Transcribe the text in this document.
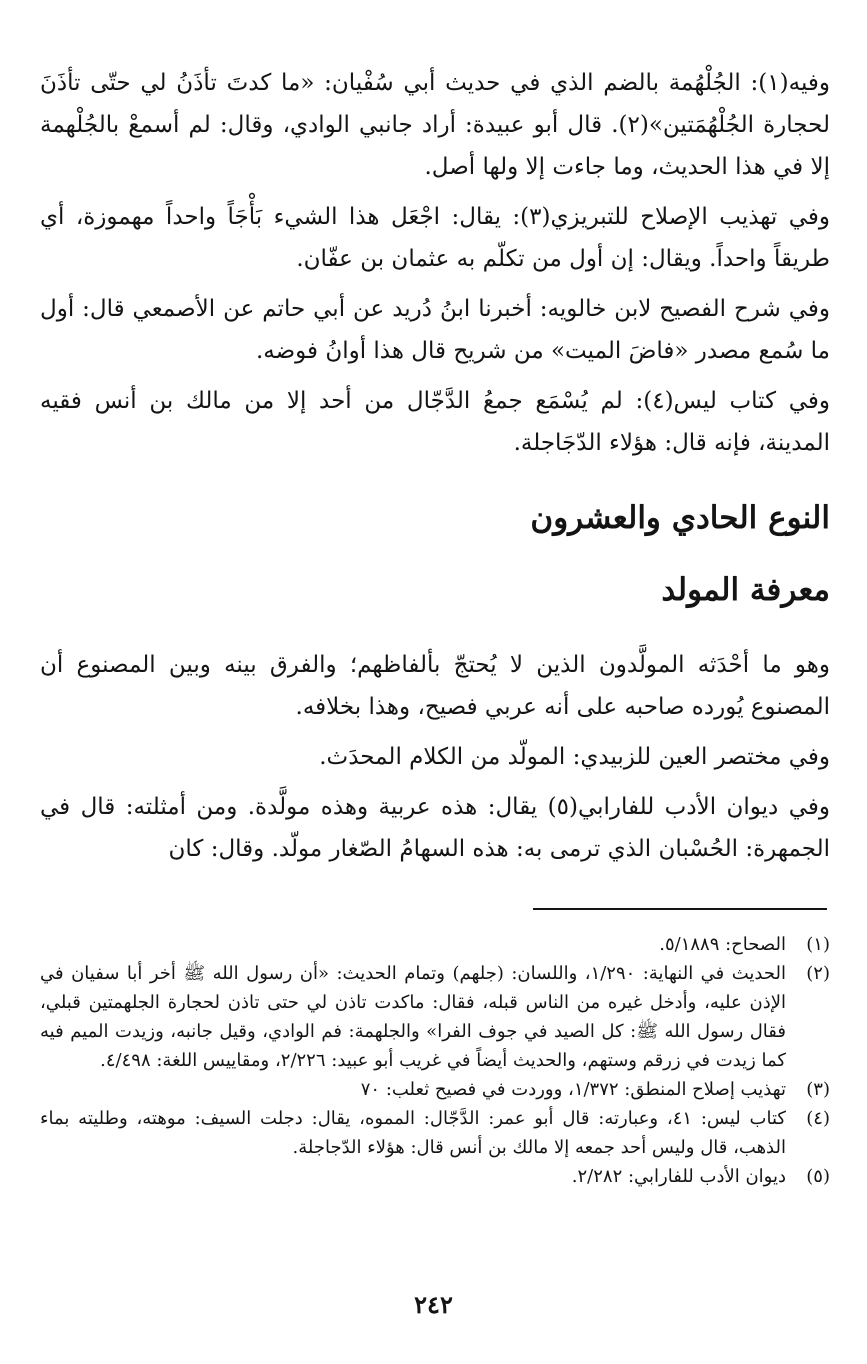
وفيه(١): الجُلْهُمة بالضم الذي في حديث أبي سُفْيان: «ما كدتَ تأذَنُ لي حتّى تأذَنَ لحجارة الجُلْهُمَتين»(٢). قال أبو عبيدة: أراد جانبي الوادي، وقال: لم أسمعْ بالجُلْهمة إلا في هذا الحديث، وما جاءت إلا ولها أصل.

وفي تهذيب الإصلاح للتبريزي(٣): يقال: اجْعَل هذا الشيء بَأْجَاً واحداً مهموزة، أي طريقاً واحداً. ويقال: إن أول من تكلّم به عثمان بن عفّان.

وفي شرح الفصيح لابن خالويه: أخبرنا ابنُ دُريد عن أبي حاتم عن الأصمعي قال: أول ما سُمع مصدر «فاضَ الميت» من شريح قال هذا أوانُ فوضه.

وفي كتاب ليس(٤): لم يُسْمَع جمعُ الدَّجّال من أحد إلا من مالك بن أنس فقيه المدينة، فإنه قال: هؤلاء الدّجَاجلة.

النوع الحادي والعشرون
معرفة المولد

وهو ما أحْدَثه المولَّدون الذين لا يُحتجّ بألفاظهم؛ والفرق بينه وبين المصنوع أن المصنوع يُورده صاحبه على أنه عربي فصيح، وهذا بخلافه.

وفي مختصر العين للزبيدي: المولّد من الكلام المحدَث.

وفي ديوان الأدب للفارابي(٥) يقال: هذه عربية وهذه مولَّدة. ومن أمثلته: قال في الجمهرة: الحُسْبان الذي ترمى به: هذه السهامُ الصّغار مولّد. وقال: كان

(١)
الصحاح: ٥/١٨٨٩.
(٢)
الحديث في النهاية: ١/٢٩٠، واللسان: (جلهم) وتمام الحديث: «أن رسول الله ﷺ أخر أبا سفيان في الإذن عليه، وأدخل غيره من الناس قبله، فقال: ماكدت تاذن لي حتى تاذن لحجارة الجلهمتين قبلي، فقال رسول الله ﷺ: كل الصيد في جوف الفرا» والجلهمة: فم الوادي، وقيل جانبه، وزيدت الميم فيه كما زيدت في زرقم وستهم، والحديث أيضاً في غريب أبو عبيد: ٢/٢٢٦، ومقاييس اللغة: ٤/٤٩٨.
(٣)
تهذيب إصلاح المنطق: ١/٣٧٢، ووردت في فصيح ثعلب: ٧٠
(٤)
كتاب ليس: ٤١، وعبارته: قال أبو عمر: الدَّجّال: المموه، يقال: دجلت السيف: موهته، وطليته بماء الذهب، قال وليس أحد جمعه إلا مالك بن أنس قال: هؤلاء الدّجاجلة.
(٥)
ديوان الأدب للفارابي: ٢/٢٨٢.
٢٤٢
